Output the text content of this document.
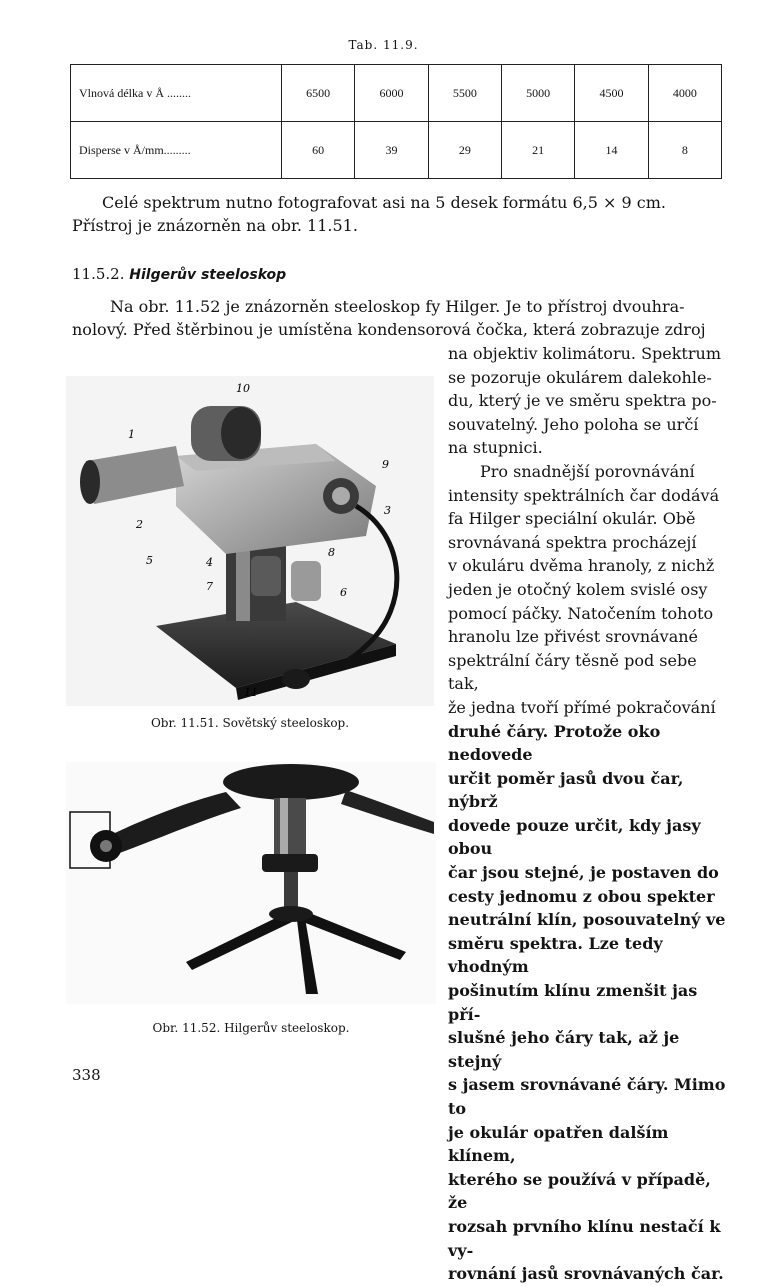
Tab. 11.9.
Vlnová délka v Å ........	6500	6000	5500	5000	4500	4000
Disperse v Å/mm.........	60	39	29	21	14	8
Celé spektrum nutno fotografovat asi na 5 desek formátu 6,5 × 9 cm.
Přístroj je znázorněn na obr. 11.51.
11.5.2. Hilgerův steeloskop
Na obr. 11.52 je znázorněn steeloskop fy Hilger. Je to přístroj dvouhra-
nolový. Před štěrbinou je umístěna kondensorová čočka, která zobrazuje zdroj
na objektiv kolimátoru. Spektrum
se pozoruje okulárem dalekohle-
du, který je ve směru spektra po-
souvatelný. Jeho poloha se určí
na stupnici.
Pro snadnější porovnávání
intensity spektrálních čar dodává
fa Hilger speciální okulár. Obě
srovnávaná spektra procházejí
v okuláru dvěma hranoly, z nichž
jeden je otočný kolem svislé osy
pomocí páčky. Natočením tohoto
hranolu lze přivést srovnávané
spektrální čáry těsně pod sebe tak,
že jedna tvoří přímé pokračování
druhé čáry. Protože oko nedovede
určit poměr jasů dvou čar, nýbrž
dovede pouze určit, kdy jasy obou
čar jsou stejné, je postaven do
cesty jednomu z obou spekter
neutrální klín, posouvatelný ve
směru spektra. Lze tedy vhodným
pošinutím klínu zmenšit jas pří-
slušné jeho čáry tak, až je stejný
s jasem srovnávané čáry. Mimo to
je okulár opatřen dalším klínem,
kterého se používá v případě, že
rozsah prvního klínu nestačí k vy-
rovnání jasů srovnávaných čar.
10
1
9
2
3
5	4
8
7	6
11
Obr. 11.51. Sovětský steeloskop.
Obr. 11.52. Hilgerův steeloskop.
338
